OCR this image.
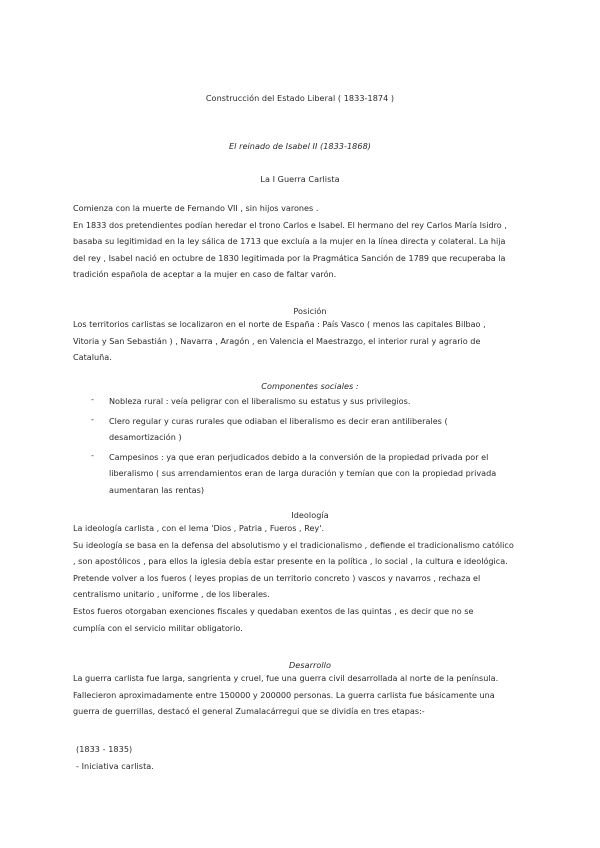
Construcción del Estado Liberal ( 1833-1874 )
El reinado de Isabel II (1833-1868)
La I Guerra Carlista
Comienza con la muerte de Fernando VII , sin hijos varones .
En 1833 dos pretendientes podían heredar el trono Carlos e Isabel. El hermano del rey Carlos María Isidro ,
basaba su legitimidad en la ley sálica de 1713 que excluía a la mujer en la línea directa y colateral. La hija
del rey , Isabel nació en octubre de 1830 legitimada por la Pragmática Sanción de 1789 que recuperaba la
tradición española de aceptar a la mujer en caso de faltar varón.
Posición
Los territorios carlistas se localizaron en el norte de España : País Vasco ( menos las capitales Bilbao ,
Vitoria y San Sebastián ) , Navarra , Aragón , en Valencia el Maestrazgo, el interior rural y agrario de
Cataluña.
Componentes sociales :
- Nobleza rural : veía peligrar con el liberalismo su estatus y sus privilegios.
- Clero regular y curas rurales que odiaban el liberalismo es decir eran antiliberales (
desamortización )
- Campesinos : ya que eran perjudicados debido a la conversión de la propiedad privada por el
liberalismo ( sus arrendamientos eran de larga duración y temían que con la propiedad privada
aumentaran las rentas)
Ideología
La ideología carlista , con el lema 'Dios , Patria , Fueros , Rey'.
Su ideología se basa en la defensa del absolutismo y el tradicionalismo , defiende el tradicionalismo católico
, son apostólicos , para ellos la iglesia debía estar presente en la política , lo social , la cultura e ideológica.
Pretende volver a los fueros ( leyes propias de un territorio concreto ) vascos y navarros , rechaza el
centralismo unitario , uniforme , de los liberales.
Estos fueros otorgaban exenciones fiscales y quedaban exentos de las quintas , es decir que no se
cumplía con el servicio militar obligatorio.
Desarrollo
La guerra carlista fue larga, sangrienta y cruel, fue una guerra civil desarrollada al norte de la península.
Fallecieron aproximadamente entre 150000 y 200000 personas. La guerra carlista fue básicamente una
guerra de guerrillas, destacó el general Zumalacárregui que se dividía en tres etapas:-
(1833 - 1835)
- Iniciativa carlista.
